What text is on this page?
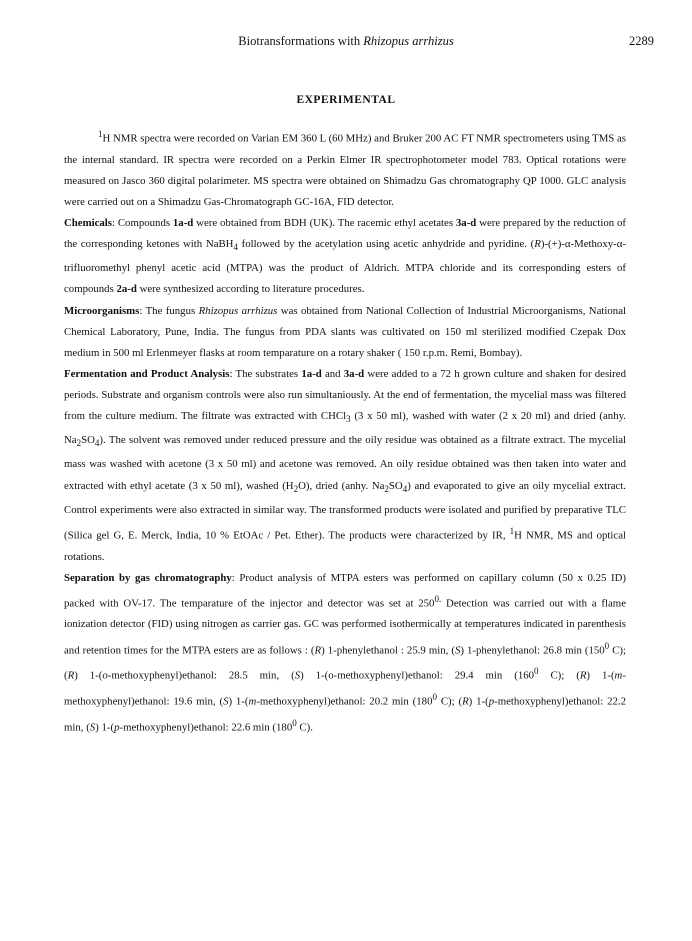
Biotransformations with Rhizopus arrhizus	2289
EXPERIMENTAL

$^1$H NMR spectra were recorded on Varian EM 360 L (60 MHz) and Bruker 200 AC FT NMR spectrometers using TMS as the internal standard. IR spectra were recorded on a Perkin Elmer IR spectrophotometer model 783. Optical rotations were measured on Jasco 360 digital polarimeter. MS spectra were obtained on Shimadzu Gas chromatography QP 1000. GLC analysis were carried out on a Shimadzu Gas-Chromatograph GC-16A, FID detector.

Chemicals: Compounds 1a-d were obtained from BDH (UK). The racemic ethyl acetates 3a-d were prepared by the reduction of the corresponding ketones with NaBH$_4$ followed by the acetylation using acetic anhydride and pyridine. (R)-(+)-α-Methoxy-α-trifluoromethyl phenyl acetic acid (MTPA) was the product of Aldrich. MTPA chloride and its corresponding esters of compounds 2a-d were synthesized according to literature procedures.

Microorganisms: The fungus Rhizopus arrhizus was obtained from National Collection of Industrial Microorganisms, National Chemical Laboratory, Pune, India. The fungus from PDA slants was cultivated on 150 ml sterilized modified Czepak Dox medium in 500 ml Erlenmeyer flasks at room temparature on a rotary shaker ( 150 r.p.m. Remi, Bombay).

Fermentation and Product Analysis: The substrates 1a-d and 3a-d were added to a 72 h grown culture and shaken for desired periods. Substrate and organism controls were also run simultaniously. At the end of fermentation, the mycelial mass was filtered from the culture medium. The filtrate was extracted with CHCl$_3$ (3 x 50 ml), washed with water (2 x 20 ml) and dried (anhy. $Na_2SO_4$). The solvent was removed under reduced pressure and the oily residue was obtained as a filtrate extract. The mycelial mass was washed with acetone (3 x 50 ml) and acetone was removed. An oily residue obtained was then taken into water and extracted with ethyl acetate (3 x 50 ml), washed $(H_2O)$, dried (anhy. $Na_2SO_4$) and evaporated to give an oily mycelial extract. Control experiments were also extracted in similar way. The transformed products were isolated and purified by preparative TLC (Silica gel G, E. Merck, India, 10 % EtOAc / Pet. Ether). The products were characterized by IR, $^1$H NMR, MS and optical rotations.

Separation by gas chromatography: Product analysis of MTPA esters was performed on capillary column (50 x 0.25 ID) packed with OV-17. The temparature of the injector and detector was set at $250^{0.}$ Detection was carried out with a flame ionization detector (FID) using nitrogen as carrier gas. GC was performed isothermically at temperatures indicated in parenthesis and retention times for the MTPA esters are as follows : (R) 1-phenylethanol : 25.9 min, (S) 1-phenylethanol: 26.8 $\min (150^0$ C); (R) 1-(o-methoxyphenyl)ethanol: 28.5 min, (S) 1-(o-methoxyphenyl)ethanol: 29.4 $\min (160^0$ C); (R) 1-(m-methoxyphenyl)ethanol: 19.6 min, (S) 1-(m-methoxyphenyl)ethanol: 20.2 $\min (180^0$ C); (R) 1-(p-methoxyphenyl)ethanol: 22.2 min, (S) 1-(p-methoxyphenyl)ethanol: 22.6 $\min (180^0$ C).
